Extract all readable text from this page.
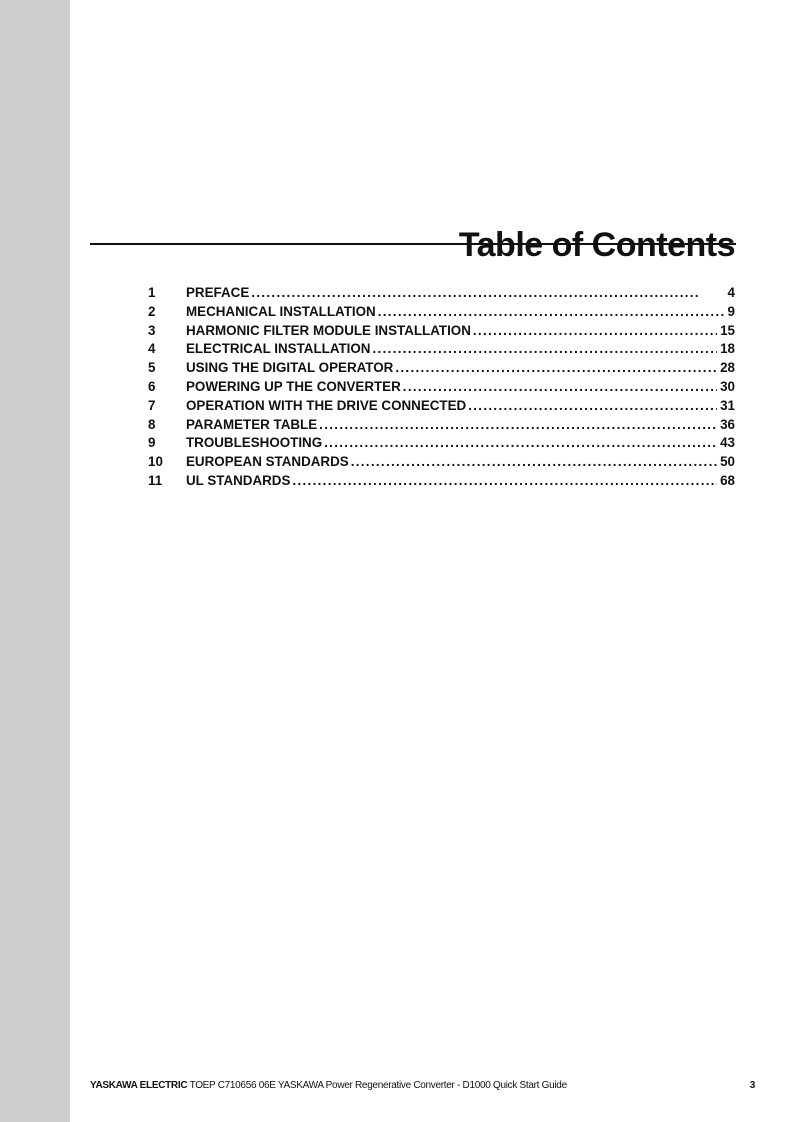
Table of Contents
1	PREFACE . . .	4
2	MECHANICAL INSTALLATION . . .	9
3	HARMONIC FILTER MODULE INSTALLATION . . .	15
4	ELECTRICAL INSTALLATION . . .	18
5	USING THE DIGITAL OPERATOR . . .	28
6	POWERING UP THE CONVERTER . . .	30
7	OPERATION WITH THE DRIVE CONNECTED . . .	31
8	PARAMETER TABLE . . .	36
9	TROUBLESHOOTING . . .	43
10	EUROPEAN STANDARDS . . .	50
11	UL STANDARDS . . .	68
YASKAWA ELECTRIC TOEP C710656 06E YASKAWA Power Regenerative Converter - D1000 Quick Start Guide	3
